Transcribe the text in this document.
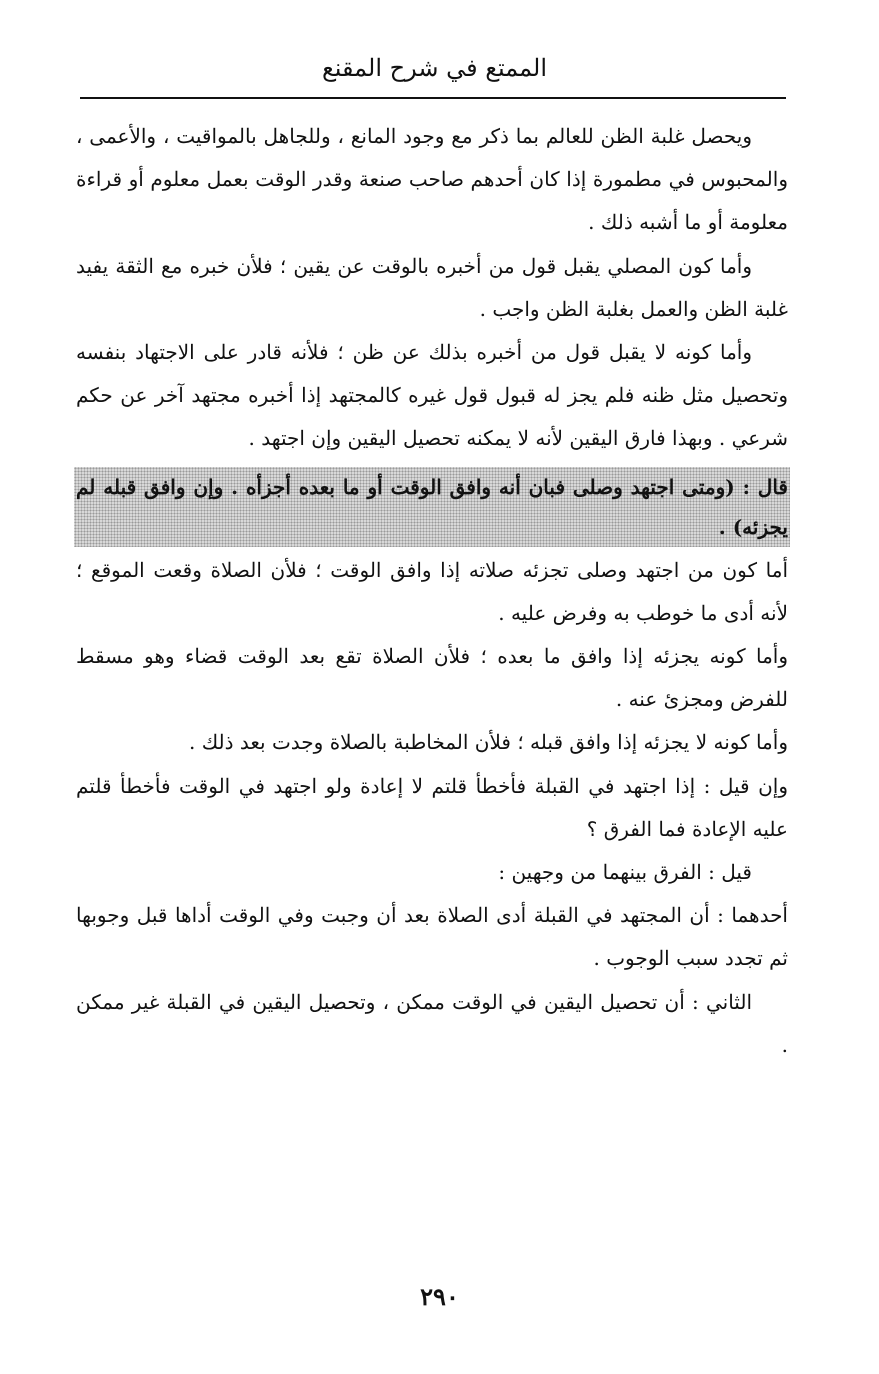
الممتع في شرح المقنع

ويحصل غلبة الظن للعالم بما ذكر مع وجود المانع ، وللجاهل بالمواقيت ، والأعمى ، والمحبوس في مطمورة إذا كان أحدهم صاحب صنعة وقدر الوقت بعمل معلوم أو قراءة معلومة أو ما أشبه ذلك .

وأما كون المصلي يقبل قول من أخبره بالوقت عن يقين ؛ فلأن خبره مع الثقة يفيد غلبة الظن والعمل بغلبة الظن واجب .

وأما كونه لا يقبل قول من أخبره بذلك عن ظن ؛ فلأنه قادر على الاجتهاد بنفسه وتحصيل مثل ظنه فلم يجز له قبول قول غيره كالمجتهد إذا أخبره مجتهد آخر عن حكم شرعي . وبهذا فارق اليقين لأنه لا يمكنه تحصيل اليقين وإن اجتهد .

قال : (ومتى اجتهد وصلى فبان أنه وافق الوقت أو ما بعده أجزأه . وإن وافق قبله لم يجزئه) .

أما كون من اجتهد وصلى تجزئه صلاته إذا وافق الوقت ؛ فلأن الصلاة وقعت الموقع ؛ لأنه أدى ما خوطب به وفرض عليه .

وأما كونه يجزئه إذا وافق ما بعده ؛ فلأن الصلاة تقع بعد الوقت قضاء وهو مسقط للفرض ومجزئ عنه .

وأما كونه لا يجزئه إذا وافق قبله ؛ فلأن المخاطبة بالصلاة وجدت بعد ذلك .

وإن قيل : إذا اجتهد في القبلة فأخطأ قلتم لا إعادة ولو اجتهد في الوقت فأخطأ قلتم عليه الإعادة فما الفرق ؟

قيل : الفرق بينهما من وجهين :

أحدهما : أن المجتهد في القبلة أدى الصلاة بعد أن وجبت وفي الوقت أداها قبل وجوبها ثم تجدد سبب الوجوب .

الثاني : أن تحصيل اليقين في الوقت ممكن ، وتحصيل اليقين في القبلة غير ممكن .

٢٩٠
